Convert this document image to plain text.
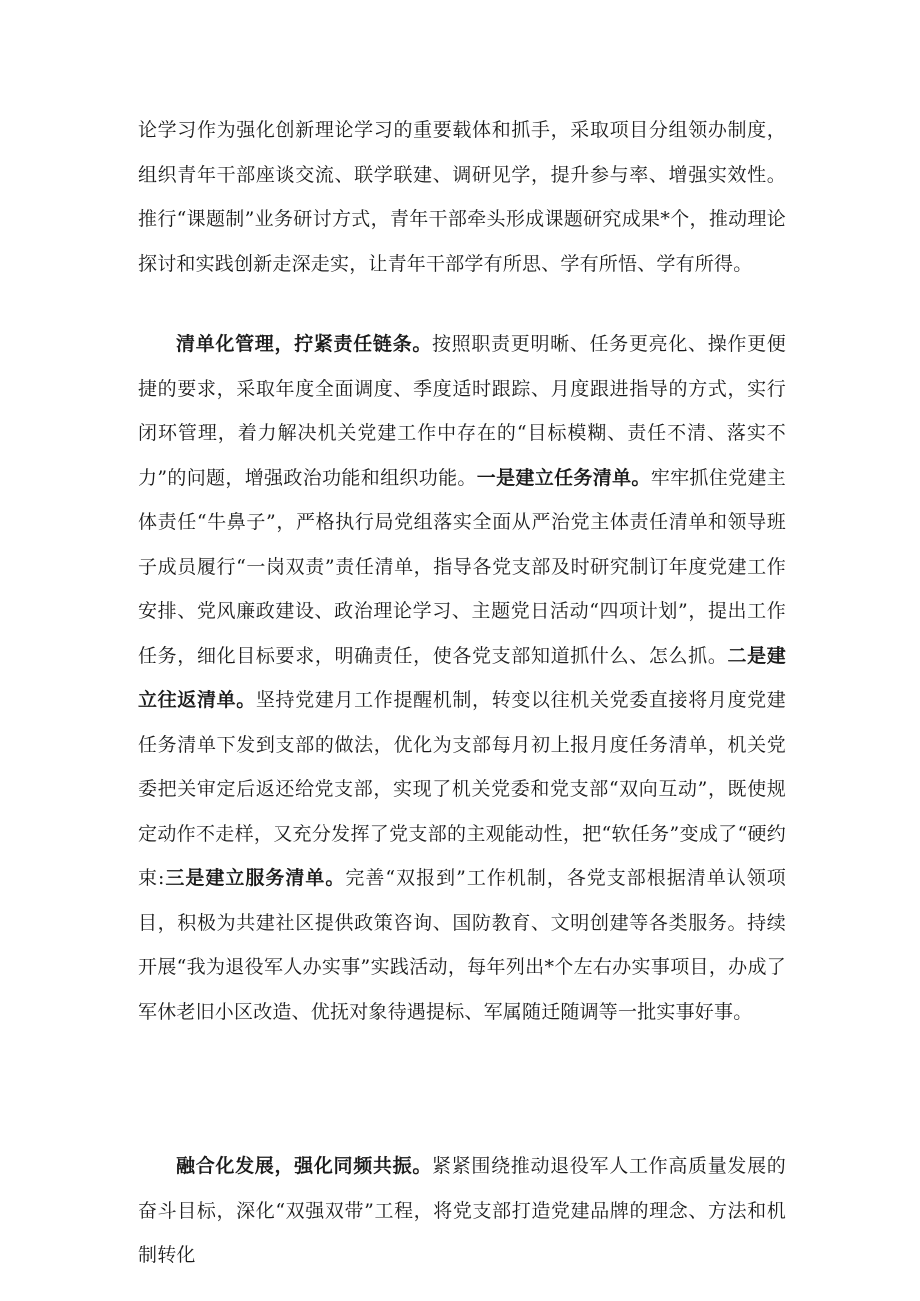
论学习作为强化创新理论学习的重要载体和抓手，采取项目分组领办制度，组织青年干部座谈交流、联学联建、调研见学，提升参与率、增强实效性。推行“课题制”业务研讨方式，青年干部牵头形成课题研究成果*个，推动理论探讨和实践创新走深走实，让青年干部学有所思、学有所悟、学有所得。

清单化管理，拧紧责任链条。按照职责更明晰、任务更亮化、操作更便捷的要求，采取年度全面调度、季度适时跟踪、月度跟进指导的方式，实行闭环管理，着力解决机关党建工作中存在的“目标模糊、责任不清、落实不力”的问题，增强政治功能和组织功能。一是建立任务清单。牢牢抓住党建主体责任“牛鼻子”，严格执行局党组落实全面从严治党主体责任清单和领导班子成员履行“一岗双责”责任清单，指导各党支部及时研究制订年度党建工作安排、党风廉政建设、政治理论学习、主题党日活动“四项计划”，提出工作任务，细化目标要求，明确责任，使各党支部知道抓什么、怎么抓。二是建立往返清单。坚持党建月工作提醒机制，转变以往机关党委直接将月度党建任务清单下发到支部的做法，优化为支部每月初上报月度任务清单，机关党委把关审定后返还给党支部，实现了机关党委和党支部“双向互动”，既使规定动作不走样，又充分发挥了党支部的主观能动性，把“软任务”变成了“硬约束:三是建立服务清单。完善“双报到”工作机制，各党支部根据清单认领项目，积极为共建社区提供政策咨询、国防教育、文明创建等各类服务。持续开展“我为退役军人办实事”实践活动，每年列出*个左右办实事项目，办成了军休老旧小区改造、优抚对象待遇提标、军属随迁随调等一批实事好事。

融合化发展，强化同频共振。紧紧围绕推动退役军人工作高质量发展的奋斗目标，深化“双强双带”工程，将党支部打造党建品牌的理念、方法和机制转化
